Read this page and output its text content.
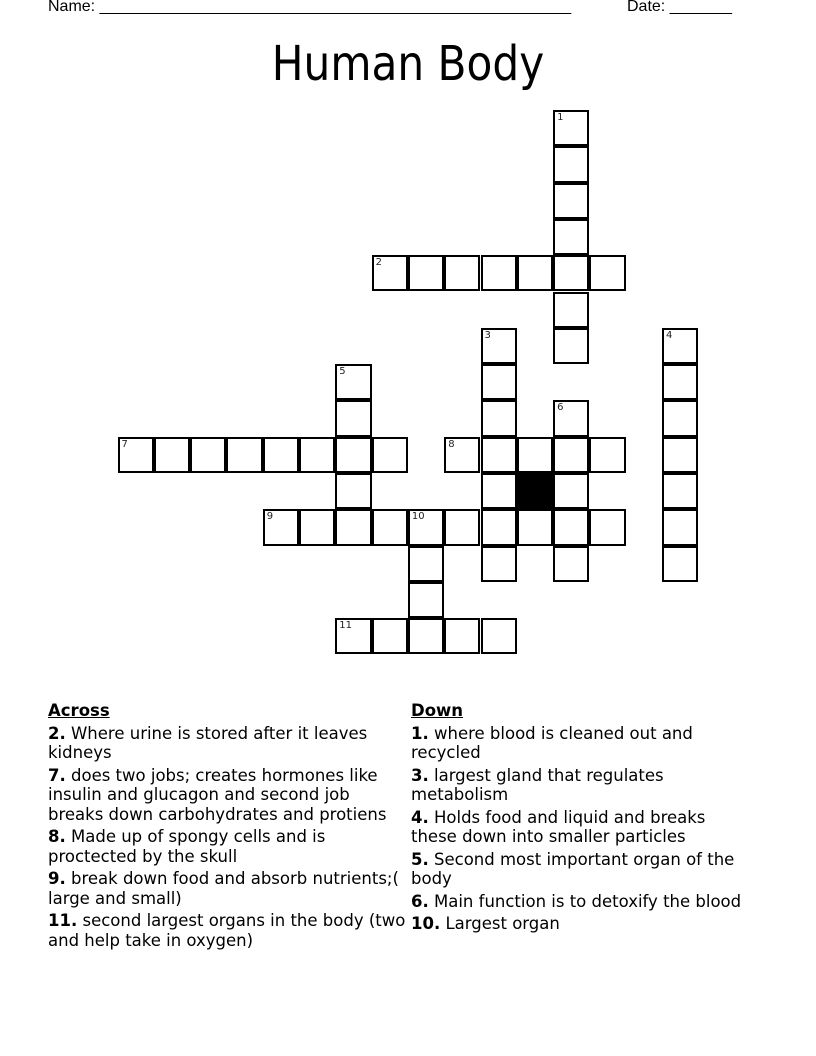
Name: _____________________________________________________	Date: _______
Human Body
1
2
3	4
5
6
7	8
9	10
11
Across
2. Where urine is stored after it leaves kidneys
7. does two jobs; creates hormones like insulin and glucagon and second job breaks down carbohydrates and protiens
8. Made up of spongy cells and is proctected by the skull
9. break down food and absorb nutrients;( large and small)
11. second largest organs in the body (two and help take in oxygen)
Down
1. where blood is cleaned out and recycled
3. largest gland that regulates metabolism
4. Holds food and liquid and breaks these down into smaller particles
5. Second most important organ of the body
6. Main function is to detoxify the blood
10. Largest organ
